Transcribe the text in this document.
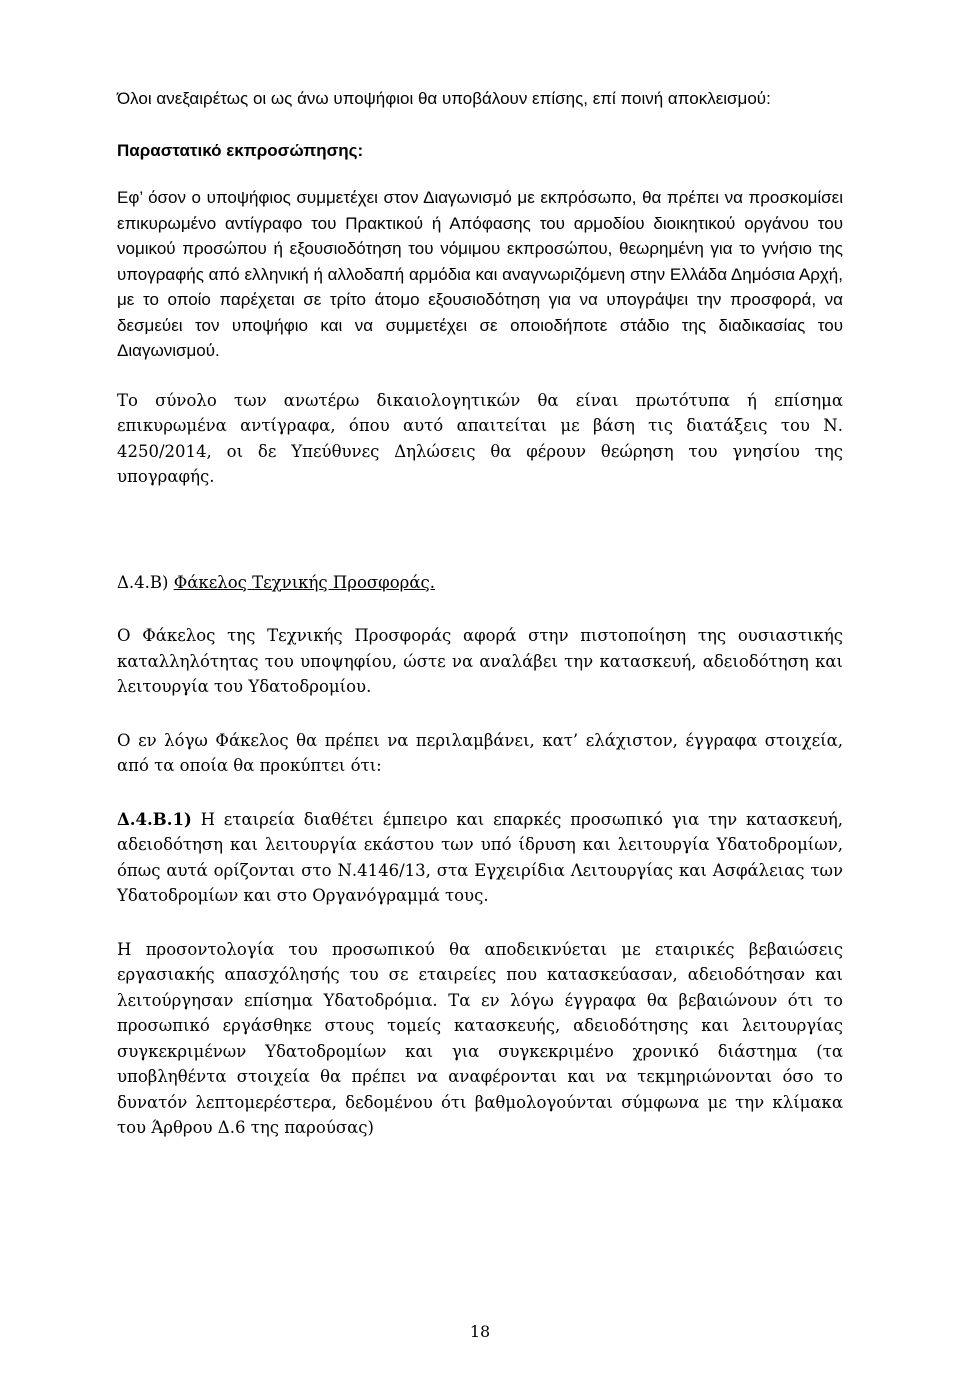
Όλοι ανεξαιρέτως οι ως άνω υποψήφιοι θα υποβάλουν επίσης, επί ποινή αποκλεισμού:

Παραστατικό εκπροσώπησης:

Εφ’ όσον ο υποψήφιος συμμετέχει στον Διαγωνισμό με εκπρόσωπο, θα πρέπει να προσκομίσει επικυρωμένο αντίγραφο του Πρακτικού ή Απόφασης του αρμοδίου διοικητικού οργάνου του νομικού προσώπου ή εξουσιοδότηση του νόμιμου εκπροσώπου, θεωρημένη για το γνήσιο της υπογραφής από ελληνική ή αλλοδαπή αρμόδια και αναγνωριζόμενη στην Ελλάδα Δημόσια Αρχή, με το οποίο παρέχεται σε τρίτο άτομο εξουσιοδότηση για να υπογράψει την προσφορά, να δεσμεύει τον υποψήφιο και να συμμετέχει σε οποιοδήποτε στάδιο της διαδικασίας του Διαγωνισμού.

Το σύνολο των ανωτέρω δικαιολογητικών θα είναι πρωτότυπα ή επίσημα επικυρωμένα αντίγραφα, όπου αυτό απαιτείται με βάση τις διατάξεις του Ν. 4250/2014, οι δε Υπεύθυνες Δηλώσεις θα φέρουν θεώρηση του γνησίου της υπογραφής.

Δ.4.Β) Φάκελος Τεχνικής Προσφοράς.

Ο Φάκελος της Τεχνικής Προσφοράς αφορά στην πιστοποίηση της ουσιαστικής καταλληλότητας του υποψηφίου, ώστε να αναλάβει την κατασκευή, αδειοδότηση και λειτουργία του Υδατοδρομίου.

Ο εν λόγω Φάκελος θα πρέπει να περιλαμβάνει, κατ’ ελάχιστον, έγγραφα στοιχεία, από τα οποία θα προκύπτει ότι:

Δ.4.Β.1) Η εταιρεία διαθέτει έμπειρο και επαρκές προσωπικό για την κατασκευή, αδειοδότηση και λειτουργία εκάστου των υπό ίδρυση και λειτουργία Υδατοδρομίων, όπως αυτά ορίζονται στο Ν.4146/13, στα Εγχειρίδια Λειτουργίας και Ασφάλειας των Υδατοδρομίων και στο Οργανόγραμμά τους.

Η προσοντολογία του προσωπικού θα αποδεικνύεται με εταιρικές βεβαιώσεις εργασιακής απασχόλησής του σε εταιρείες που κατασκεύασαν, αδειοδότησαν και λειτούργησαν επίσημα Υδατοδρόμια. Τα εν λόγω έγγραφα θα βεβαιώνουν ότι το προσωπικό εργάσθηκε στους τομείς κατασκευής, αδειοδότησης και λειτουργίας συγκεκριμένων Υδατοδρομίων και για συγκεκριμένο χρονικό διάστημα (τα υποβληθέντα στοιχεία θα πρέπει να αναφέρονται και να τεκμηριώνονται όσο το δυνατόν λεπτομερέστερα, δεδομένου ότι βαθμολογούνται σύμφωνα με την κλίμακα του Άρθρου Δ.6 της παρούσας)

18
